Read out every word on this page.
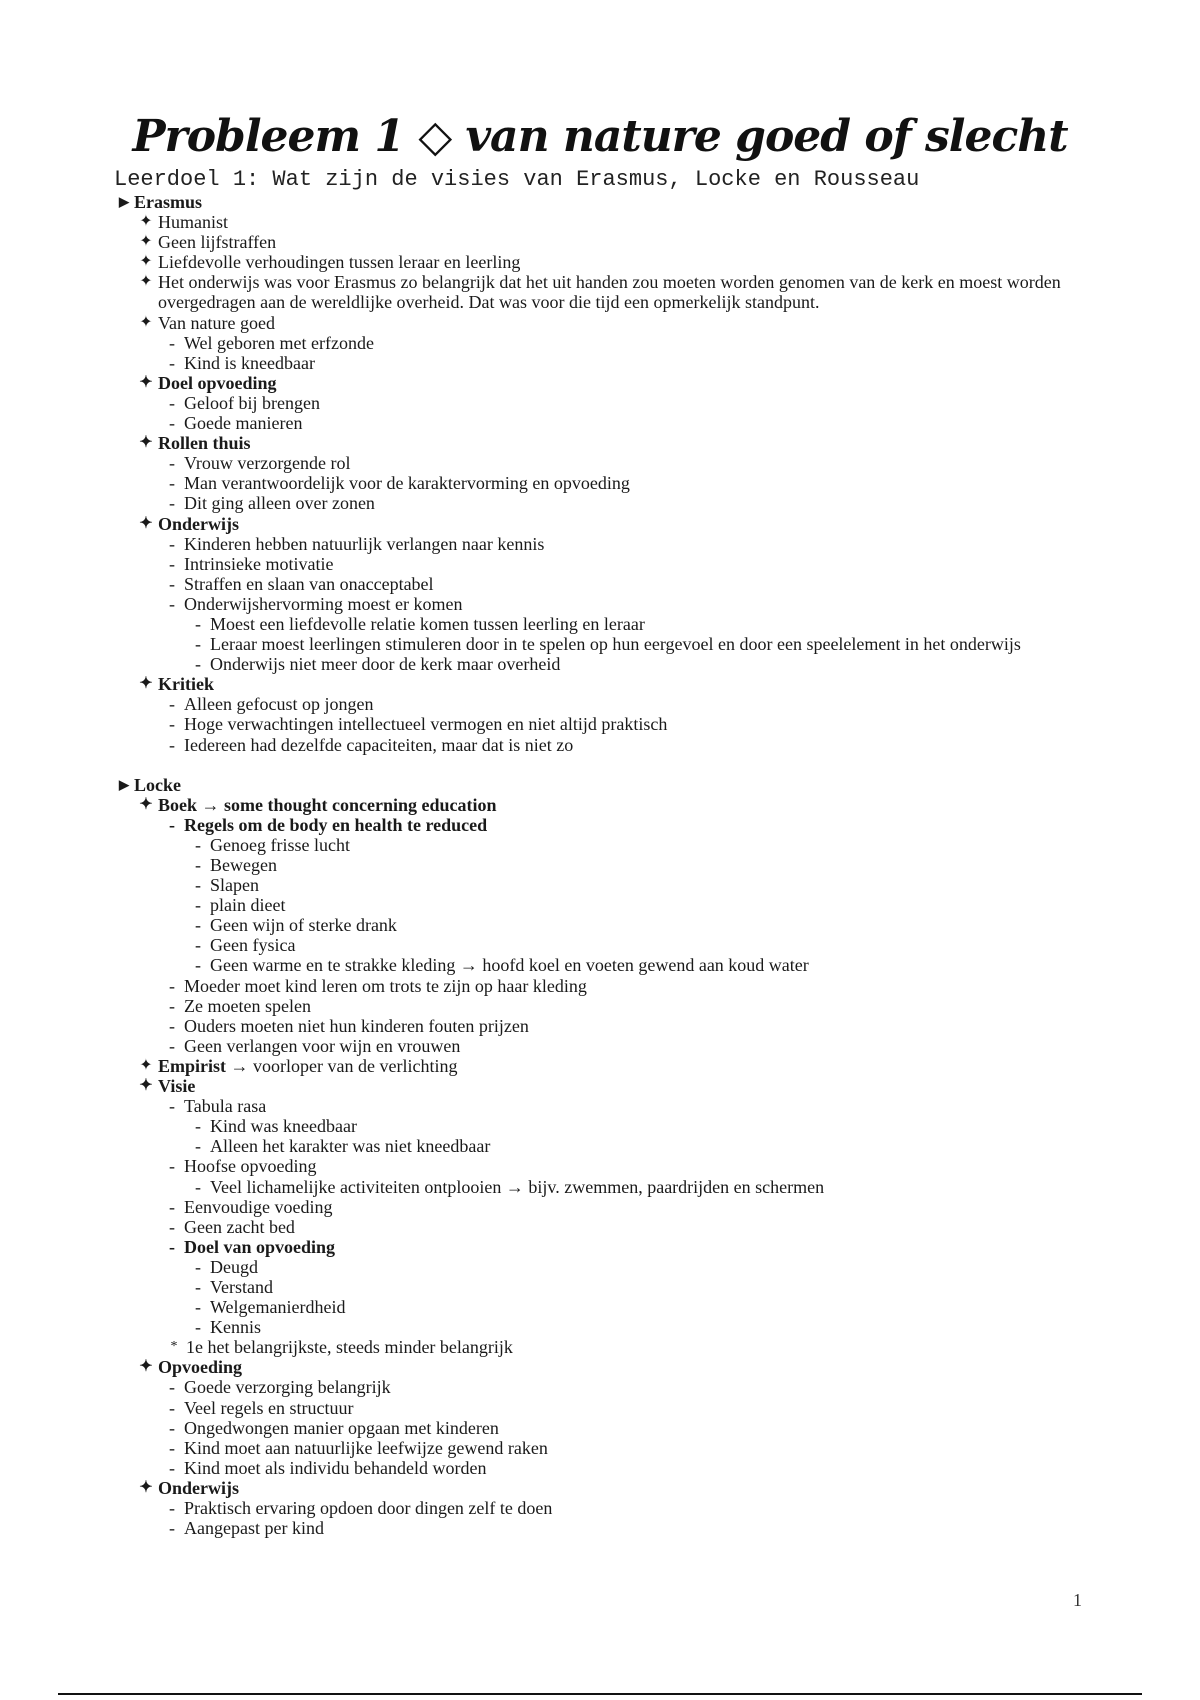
Probleem 1 ◇ van nature goed of slecht
Leerdoel 1: Wat zijn de visies van Erasmus, Locke en Rousseau
▶ Erasmus
✦ Humanist
✦ Geen lijfstraffen
✦ Liefdevolle verhoudingen tussen leraar en leerling
✦ Het onderwijs was voor Erasmus zo belangrijk dat het uit handen zou moeten worden genomen van de kerk en moest worden overgedragen aan de wereldlijke overheid. Dat was voor die tijd een opmerkelijk standpunt.
✦ Van nature goed
- Wel geboren met erfzonde
- Kind is kneedbaar
✦ Doel opvoeding
- Geloof bij brengen
- Goede manieren
✦ Rollen thuis
- Vrouw verzorgende rol
- Man verantwoordelijk voor de karaktervorming en opvoeding
- Dit ging alleen over zonen
✦ Onderwijs
- Kinderen hebben natuurlijk verlangen naar kennis
- Intrinsieke motivatie
- Straffen en slaan van onacceptabel
- Onderwijshervorming moest er komen
- Moest een liefdevolle relatie komen tussen leerling en leraar
- Leraar moest leerlingen stimuleren door in te spelen op hun eergevoel en door een speelelement in het onderwijs
- Onderwijs niet meer door de kerk maar overheid
✦ Kritiek
- Alleen gefocust op jongen
- Hoge verwachtingen intellectueel vermogen en niet altijd praktisch
- Iedereen had dezelfde capaciteiten, maar dat is niet zo
▶ Locke
✦ Boek → some thought concerning education
- Regels om de body en health te reduced
- Genoeg frisse lucht
- Bewegen
- Slapen
- plain dieet
- Geen wijn of sterke drank
- Geen fysica
- Geen warme en te strakke kleding → hoofd koel en voeten gewend aan koud water
- Moeder moet kind leren om trots te zijn op haar kleding
- Ze moeten spelen
- Ouders moeten niet hun kinderen fouten prijzen
- Geen verlangen voor wijn en vrouwen
✦ Empirist → voorloper van de verlichting
✦ Visie
- Tabula rasa
- Kind was kneedbaar
- Alleen het karakter was niet kneedbaar
- Hoofse opvoeding
- Veel lichamelijke activiteiten ontplooien → bijv. zwemmen, paardrijden en schermen
- Eenvoudige voeding
- Geen zacht bed
- Doel van opvoeding
- Deugd
- Verstand
- Welgemanierdheid
- Kennis
* 1e het belangrijkste, steeds minder belangrijk
✦ Opvoeding
- Goede verzorging belangrijk
- Veel regels en structuur
- Ongedwongen manier opgaan met kinderen
- Kind moet aan natuurlijke leefwijze gewend raken
- Kind moet als individu behandeld worden
✦ Onderwijs
- Praktisch ervaring opdoen door dingen zelf te doen
- Aangepast per kind
1
